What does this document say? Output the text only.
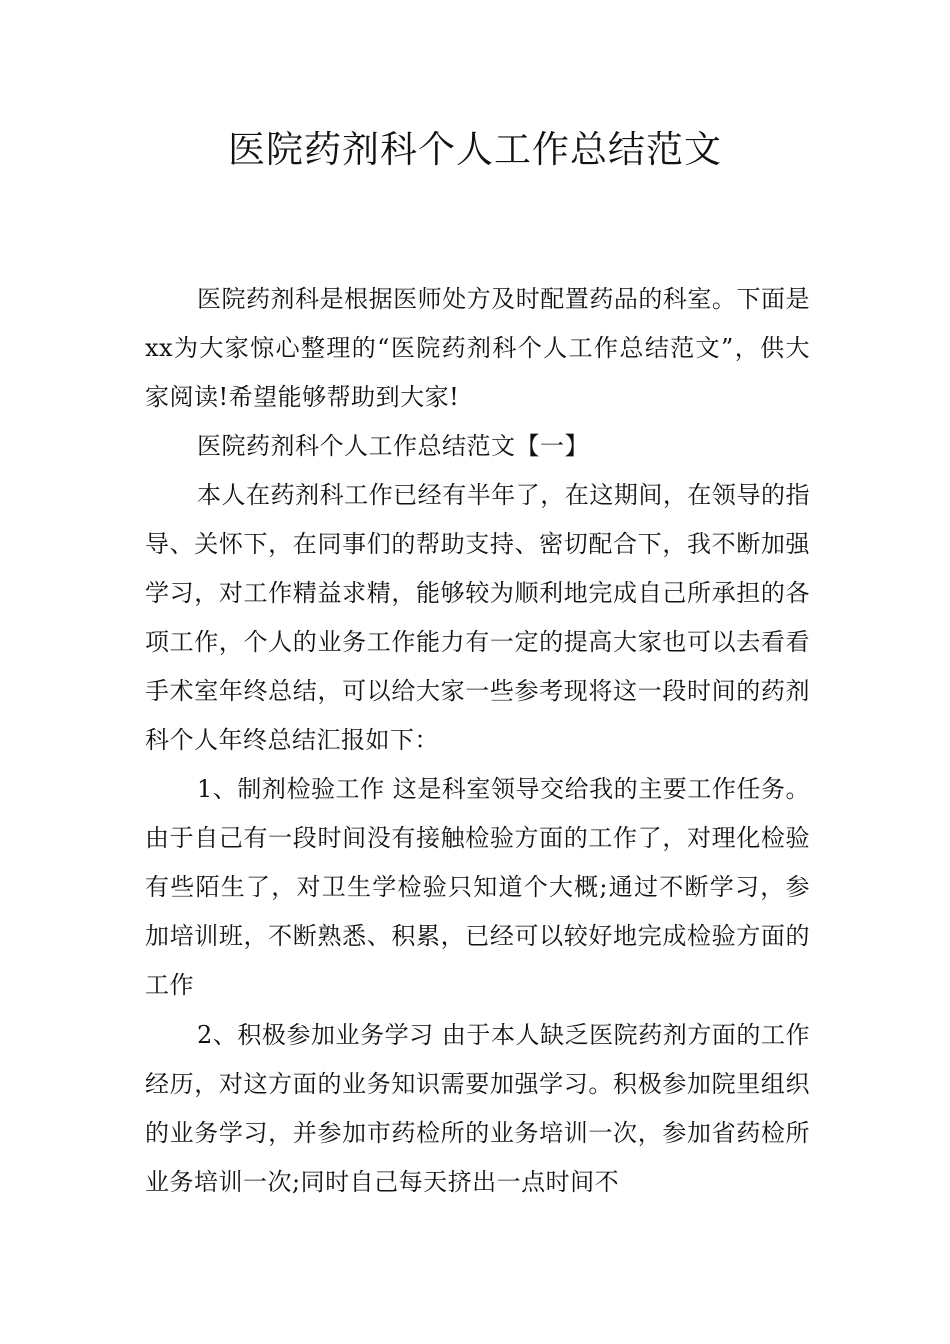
医院药剂科个人工作总结范文

医院药剂科是根据医师处方及时配置药品的科室。下面是xx为大家惊心整理的“医院药剂科个人工作总结范文”，供大家阅读!希望能够帮助到大家!

医院药剂科个人工作总结范文【一】

本人在药剂科工作已经有半年了，在这期间，在领导的指导、关怀下，在同事们的帮助支持、密切配合下，我不断加强学习，对工作精益求精，能够较为顺利地完成自己所承担的各项工作，个人的业务工作能力有一定的提高大家也可以去看看手术室年终总结，可以给大家一些参考现将这一段时间的药剂科个人年终总结汇报如下：

1、制剂检验工作 这是科室领导交给我的主要工作任务。由于自己有一段时间没有接触检验方面的工作了，对理化检验有些陌生了，对卫生学检验只知道个大概;通过不断学习，参加培训班，不断熟悉、积累，已经可以较好地完成检验方面的工作

2、积极参加业务学习 由于本人缺乏医院药剂方面的工作经历，对这方面的业务知识需要加强学习。积极参加院里组织的业务学习，并参加市药检所的业务培训一次，参加省药检所业务培训一次;同时自己每天挤出一点时间不
